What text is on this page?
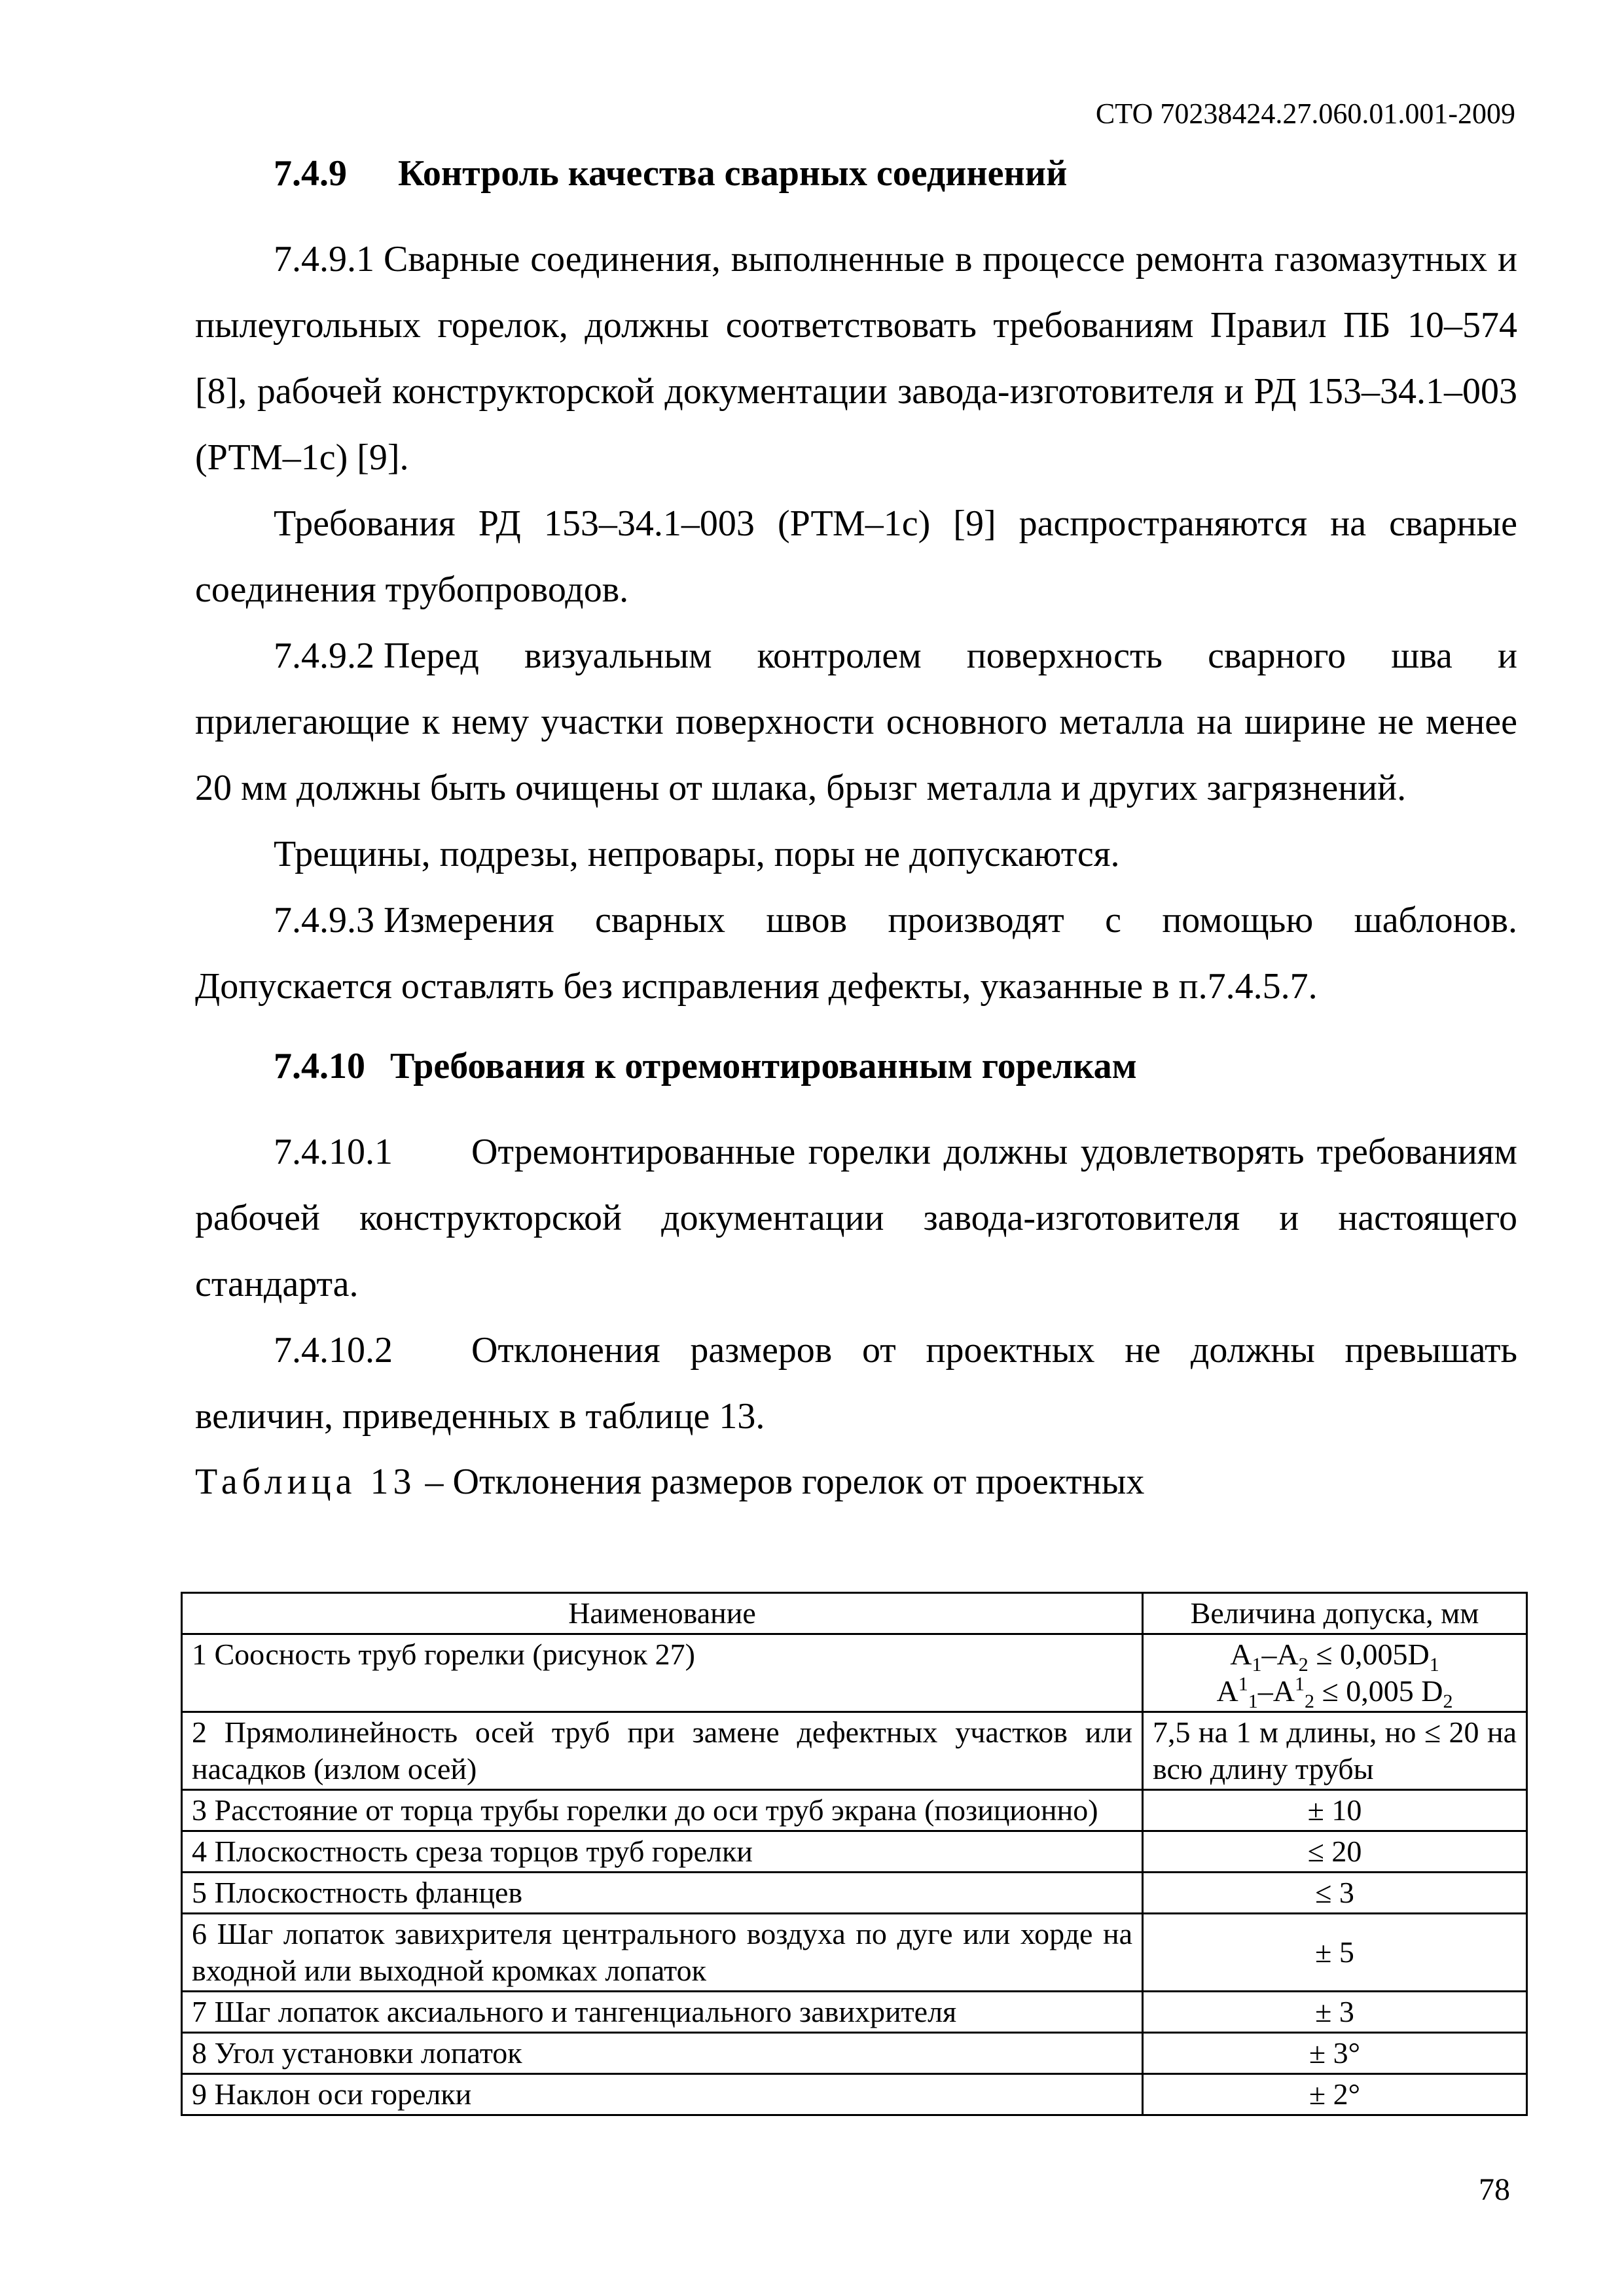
СТО 70238424.27.060.01.001-2009
7.4.9 Контроль качества сварных соединений

7.4.9.1 Сварные соединения, выполненные в процессе ремонта газомазутных и пылеугольных горелок, должны соответствовать требованиям Правил ПБ 10–574 [8], рабочей конструкторской документации завода-изготовителя и РД 153–34.1–003 (РТМ–1с) [9].

Требования РД 153–34.1–003 (РТМ–1с) [9] распространяются на сварные соединения трубопроводов.

7.4.9.2 Перед визуальным контролем поверхность сварного шва и прилегающие к нему участки поверхности основного металла на ширине не менее 20 мм должны быть очищены от шлака, брызг металла и других загрязнений.

Трещины, подрезы, непровары, поры не допускаются.

7.4.9.3 Измерения сварных швов производят с помощью шаблонов. Допускается оставлять без исправления дефекты, указанные в п.7.4.5.7.

7.4.10 Требования к отремонтированным горелкам

7.4.10.1 Отремонтированные горелки должны удовлетворять требованиям рабочей конструкторской документации завода-изготовителя и настоящего стандарта.

7.4.10.2 Отклонения размеров от проектных не должны превышать величин, приведенных в таблице 13.

Таблица 13 – Отклонения размеров горелок от проектных
Наименование	Величина допуска, мм
1 Соосность труб горелки (рисунок 27)	$A_1-A_2 \le 0,005D_1$
$A^1_1-A^1_2 \le 0,005$ $D_2$

2 Прямолинейность осей труб при замене дефектных участков или насадков (излом осей)	7,5 на 1 м длины, но ≤ 20 на всю длину трубы
3 Расстояние от торца трубы горелки до оси труб экрана (позиционно)	± 10
4 Плоскостность среза торцов труб горелки	≤ 20
5 Плоскостность фланцев	≤ 3
6 Шаг лопаток завихрителя центрального воздуха по дуге или хорде на входной или выходной кромках лопаток	± 5
7 Шаг лопаток аксиального и тангенциального завихрителя	± 3
8 Угол установки лопаток	± 3°
9 Наклон оси горелки	± 2°
78
